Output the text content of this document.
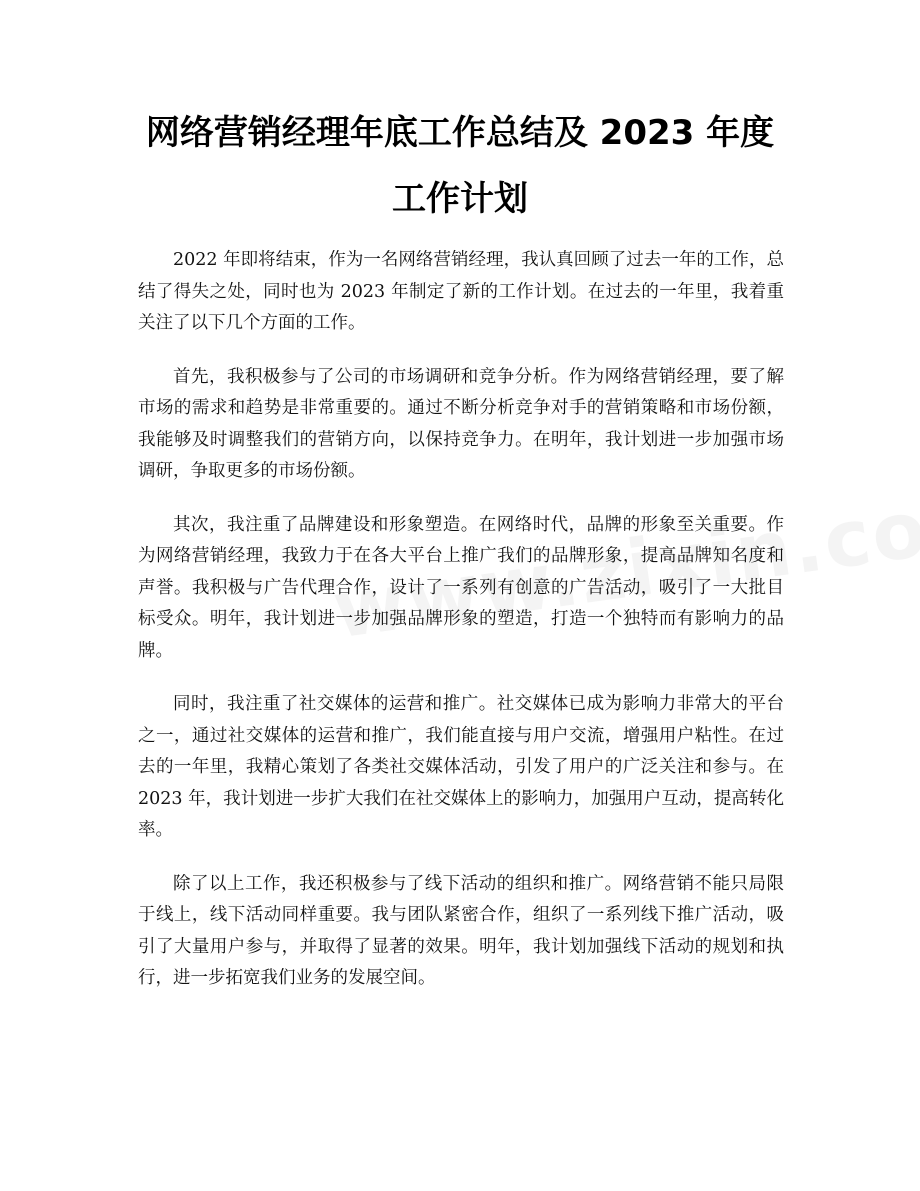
网络营销经理年底工作总结及 2023 年度工作计划

2022 年即将结束，作为一名网络营销经理，我认真回顾了过去一年的工作，总结了得失之处，同时也为 2023 年制定了新的工作计划。在过去的一年里，我着重关注了以下几个方面的工作。

首先，我积极参与了公司的市场调研和竞争分析。作为网络营销经理，要了解市场的需求和趋势是非常重要的。通过不断分析竞争对手的营销策略和市场份额，我能够及时调整我们的营销方向，以保持竞争力。在明年，我计划进一步加强市场调研，争取更多的市场份额。

其次，我注重了品牌建设和形象塑造。在网络时代，品牌的形象至关重要。作为网络营销经理，我致力于在各大平台上推广我们的品牌形象，提高品牌知名度和声誉。我积极与广告代理合作，设计了一系列有创意的广告活动，吸引了一大批目标受众。明年，我计划进一步加强品牌形象的塑造，打造一个独特而有影响力的品牌。

同时，我注重了社交媒体的运营和推广。社交媒体已成为影响力非常大的平台之一，通过社交媒体的运营和推广，我们能直接与用户交流，增强用户粘性。在过去的一年里，我精心策划了各类社交媒体活动，引发了用户的广泛关注和参与。在 2023 年，我计划进一步扩大我们在社交媒体上的影响力，加强用户互动，提高转化率。

除了以上工作，我还积极参与了线下活动的组织和推广。网络营销不能只局限于线上，线下活动同样重要。我与团队紧密合作，组织了一系列线下推广活动，吸引了大量用户参与，并取得了显著的效果。明年，我计划加强线下活动的规划和执行，进一步拓宽我们业务的发展空间。
